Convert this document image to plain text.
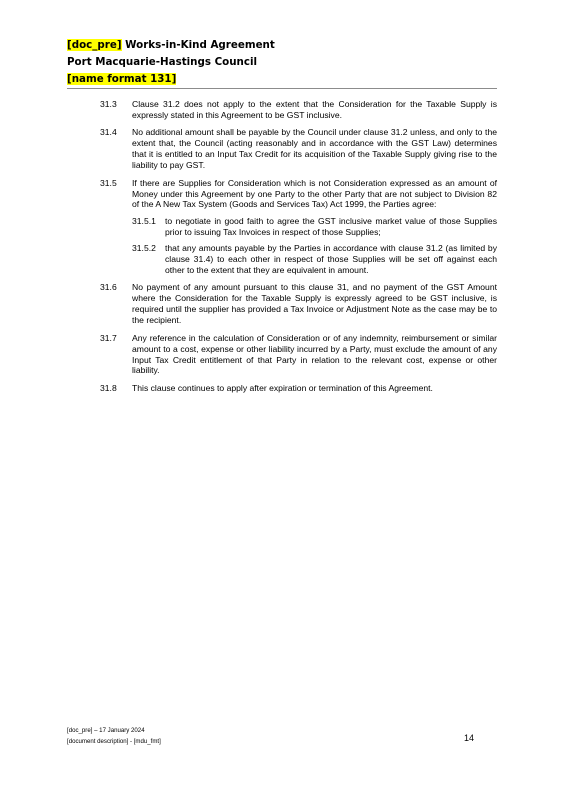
[doc_pre] Works-in-Kind Agreement
Port Macquarie-Hastings Council
[name format 131]
31.3	Clause 31.2 does not apply to the extent that the Consideration for the Taxable Supply is expressly stated in this Agreement to be GST inclusive.
31.4	No additional amount shall be payable by the Council under clause 31.2 unless, and only to the extent that, the Council (acting reasonably and in accordance with the GST Law) determines that it is entitled to an Input Tax Credit for its acquisition of the Taxable Supply giving rise to the liability to pay GST.
31.5	If there are Supplies for Consideration which is not Consideration expressed as an amount of Money under this Agreement by one Party to the other Party that are not subject to Division 82 of the A New Tax System (Goods and Services Tax) Act 1999, the Parties agree:
31.5.1	to negotiate in good faith to agree the GST inclusive market value of those Supplies prior to issuing Tax Invoices in respect of those Supplies;
31.5.2	that any amounts payable by the Parties in accordance with clause 31.2 (as limited by clause 31.4) to each other in respect of those Supplies will be set off against each other to the extent that they are equivalent in amount.
31.6	No payment of any amount pursuant to this clause 31, and no payment of the GST Amount where the Consideration for the Taxable Supply is expressly agreed to be GST inclusive, is required until the supplier has provided a Tax Invoice or Adjustment Note as the case may be to the recipient.
31.7	Any reference in the calculation of Consideration or of any indemnity, reimbursement or similar amount to a cost, expense or other liability incurred by a Party, must exclude the amount of any Input Tax Credit entitlement of that Party in relation to the relevant cost, expense or other liability.
31.8	This clause continues to apply after expiration or termination of this Agreement.
[doc_pre] – 17 January 2024
[document description] - [mdu_fmt]	14
